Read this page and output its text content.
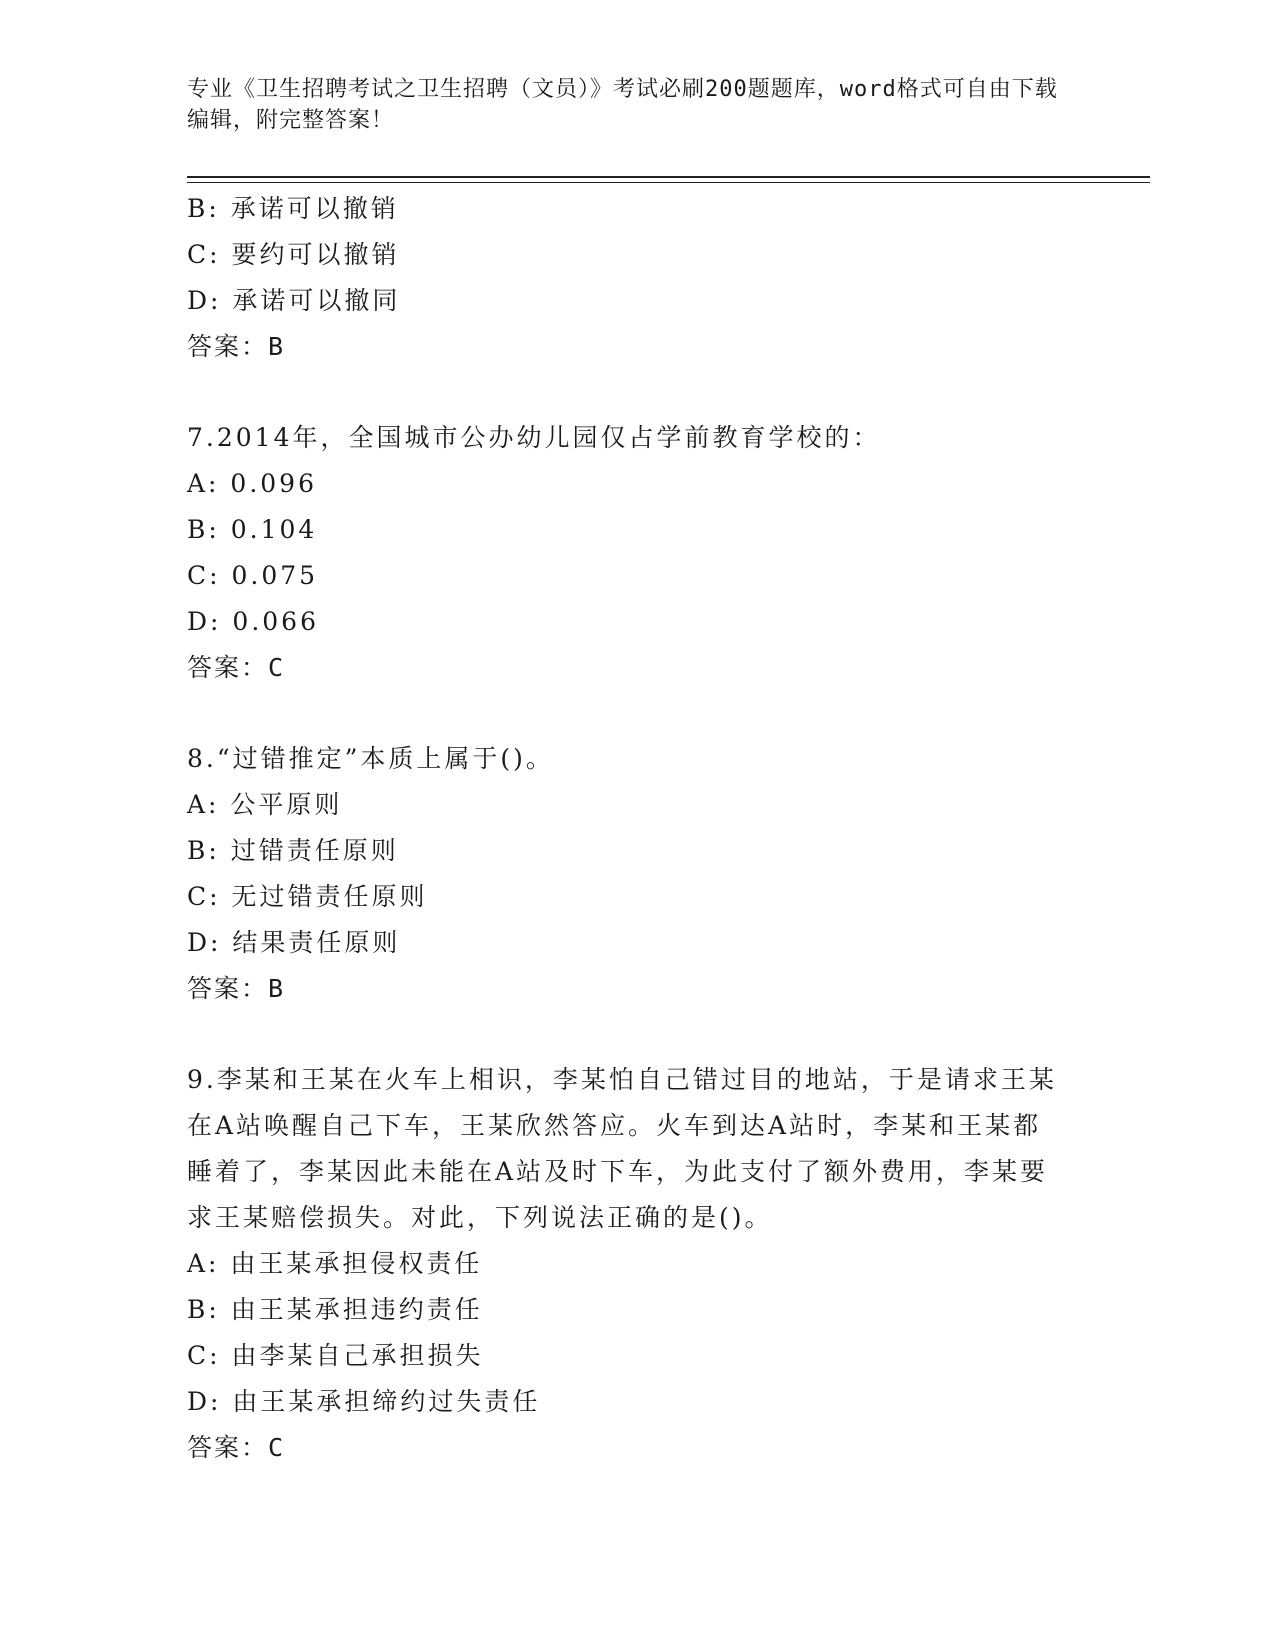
专业《卫生招聘考试之卫生招聘（文员）》考试必刷200题题库，word格式可自由下载编辑，附完整答案！
B: 承诺可以撤销
C: 要约可以撤销
D: 承诺可以撤同
答案：B
7.2014年，全国城市公办幼儿园仅占学前教育学校的：
A: 0.096
B: 0.104
C: 0.075
D: 0.066
答案：C
8.“过错推定”本质上属于()。
A: 公平原则
B: 过错责任原则
C: 无过错责任原则
D: 结果责任原则
答案：B
9.李某和王某在火车上相识，李某怕自己错过目的地站，于是请求王某在A站唤醒自己下车，王某欣然答应。火车到达A站时，李某和王某都睡着了，李某因此未能在A站及时下车，为此支付了额外费用，李某要求王某赔偿损失。对此，下列说法正确的是()。
A: 由王某承担侵权责任
B: 由王某承担违约责任
C: 由李某自己承担损失
D: 由王某承担缔约过失责任
答案：C
